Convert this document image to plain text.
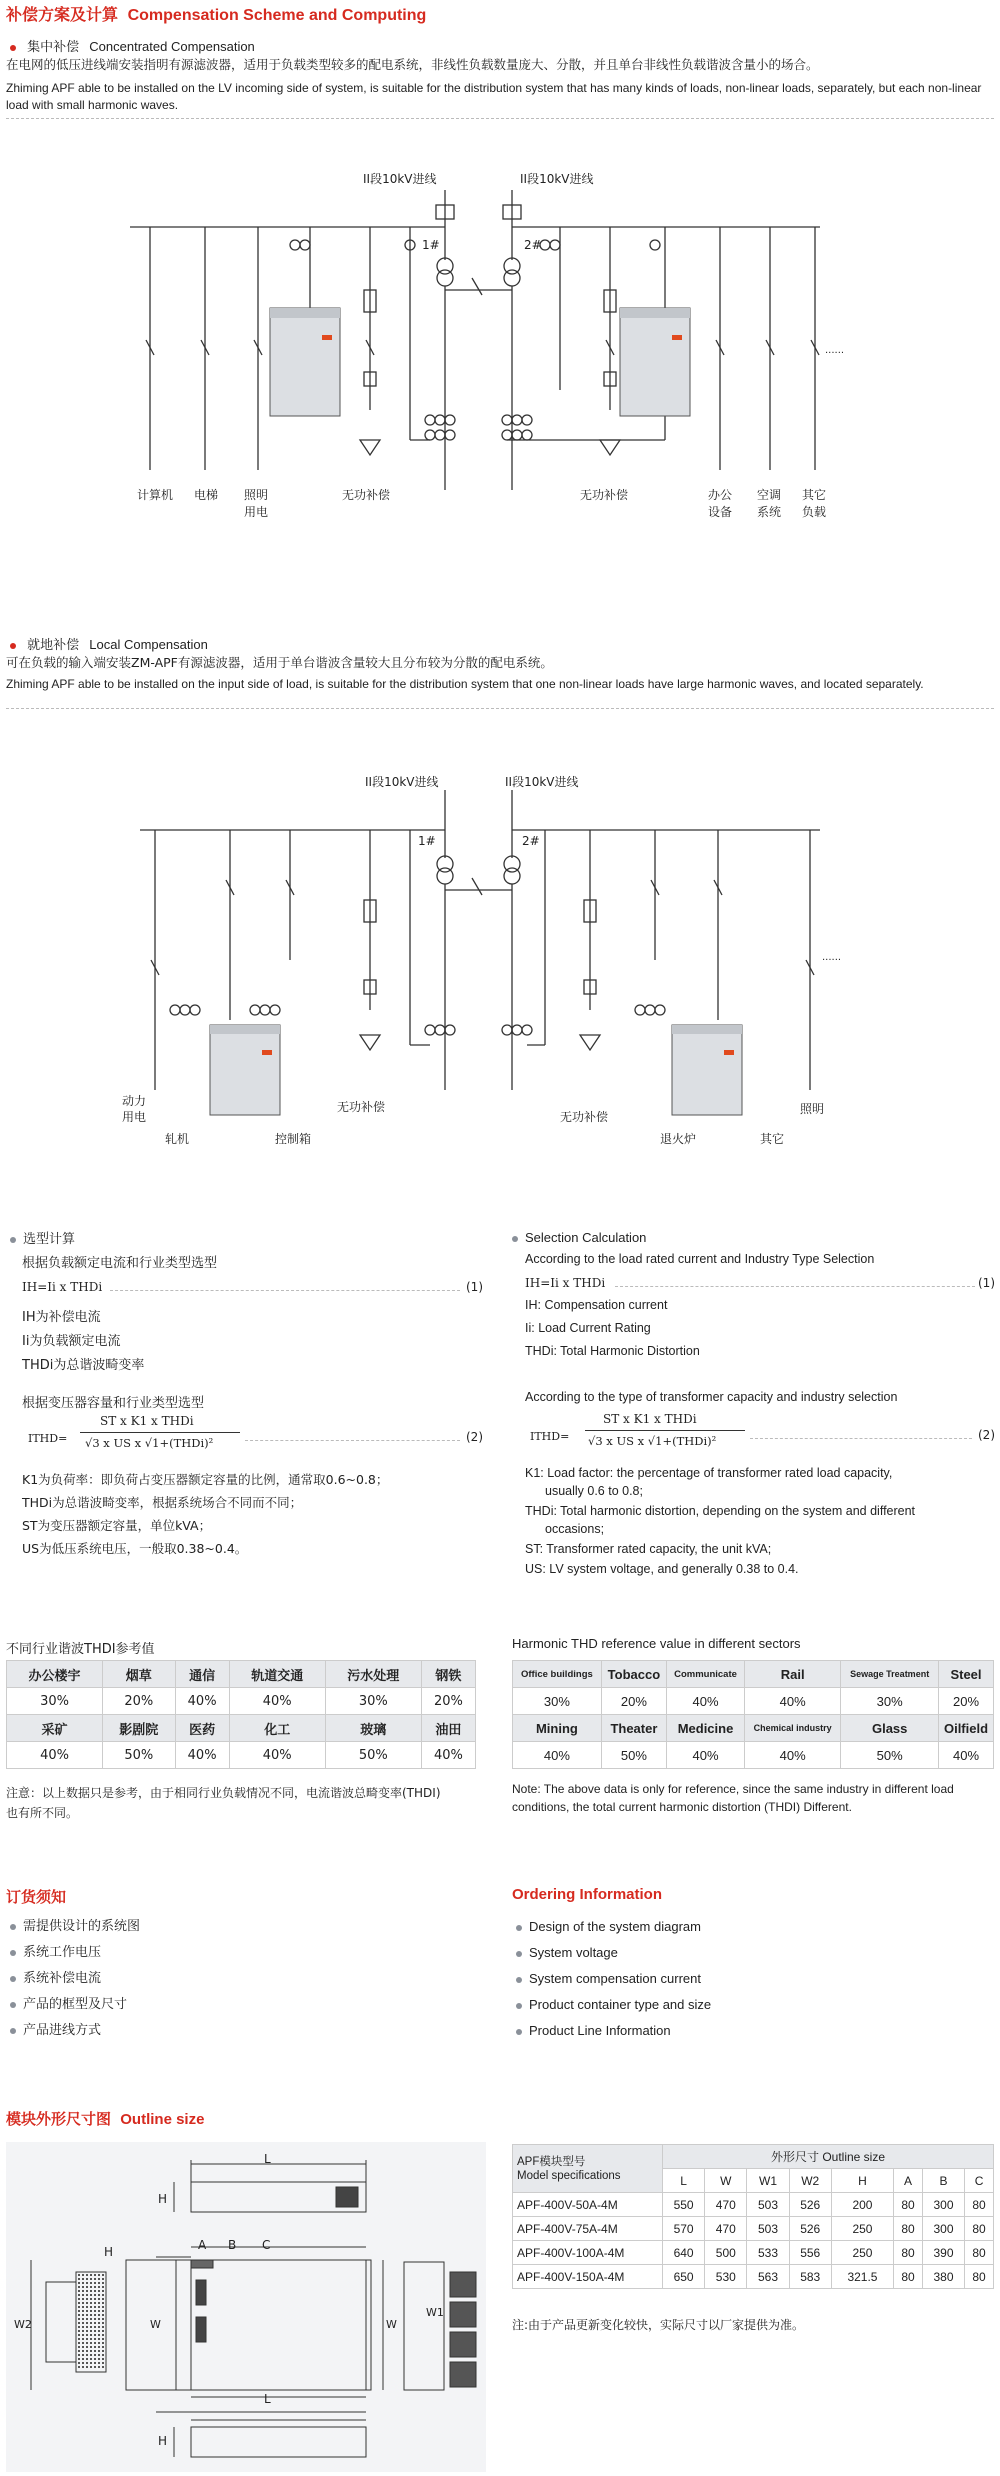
补偿方案及计算 Compensation Scheme and Computing
集中补偿 Concentrated Compensation
在电网的低压进线端安装指明有源滤波器，适用于负载类型较多的配电系统，非线性负载数量庞大、分散，并且单台非线性负载谐波含量小的场合。
Zhiming APF able to be installed on the LV incoming side of system, is suitable for the distribution system that has many kinds of loads, non-linear loads, separately, but each non-linear load with small harmonic waves.
II段10kV进线	II段10kV进线
1#	2#
计算机 电梯 照明
用电
无功补偿	无功补偿	办公
设备
空调
系统
其它
负载
......
就地补偿 Local Compensation
可在负载的输入端安装ZM-APF有源滤波器，适用于单台谐波含量较大且分布较为分散的配电系统。
Zhiming APF able to be installed on the input side of load, is suitable for the distribution system that one non-linear loads have large harmonic waves, and located separately.
II段10kV进线	II段10kV进线
1#	2#
动力
用电
轧机	控制箱
无功补偿
无功补偿
退火炉	其它
照明
......
选型计算
根据负载额定电流和行业类型选型
IH=Ii x THDi	(1)
IH为补偿电流
Ii为负载额定电流
THDi为总谐波畸变率
根据变压器容量和行业类型选型
ITHD=
ST x K1 x THDi
√3 x US x √1+(THDi)²	(2)
K1为负荷率：即负荷占变压器额定容量的比例，通常取0.6~0.8；
THDi为总谐波畸变率，根据系统场合不同而不同；
ST为变压器额定容量，单位kVA；
US为低压系统电压，一般取0.38~0.4。
Selection Calculation
According to the load rated current and Industry Type Selection
IH=Ii x THDi	(1)
IH: Compensation current
Ii: Load Current Rating
THDi: Total Harmonic Distortion
According to the type of transformer capacity and industry selection
ITHD=
ST x K1 x THDi
√3 x US x √1+(THDi)²	(2)
K1: Load factor: the percentage of transformer rated load capacity,
usually 0.6 to 0.8;
THDi: Total harmonic distortion, depending on the system and different
occasions;
ST: Transformer rated capacity, the unit kVA;
US: LV system voltage, and generally 0.38 to 0.4.
不同行业谐波THDI参考值
办公楼宇	烟草	通信	轨道交通	污水处理	钢铁
30%	20%	40%	40%	30%	20%
采矿	影剧院	医药	化工	玻璃	油田
40%	50%	40%	40%	50%	40%
注意：以上数据只是参考，由于相同行业负载情况不同，电流谐波总畸变率(THDI)
也有所不同。
Harmonic THD reference value in different sectors
Office buildings	Tobacco	Communicate	Rail	Sewage Treatment	Steel
30%	20%	40%	40%	30%	20%
Mining	Theater	Medicine	Chemical industry	Glass	Oilfield
40%	50%	40%	40%	50%	40%
Note: The above data is only for reference, since the same industry in different load
conditions, the total current harmonic distortion (THDI) Different.
订货须知
需提供设计的系统图
系统工作电压
系统补偿电流
产品的框型及尺寸
产品进线方式
Ordering Information
Design of the system diagram
System voltage
System compensation current
Product container type and size
Product Line Information
模块外形尺寸图 Outline size
L
H
A B C
H
W2	W	W
W1
L
H
APF模块型号
Model specifications	外形尺寸 Outline size							
	L	W	W1	W2	H	A	B	C
APF-400V-50A-4M	550	470	503	526	200	80	300	80
APF-400V-75A-4M	570	470	503	526	250	80	300	80
APF-400V-100A-4M	640	500	533	556	250	80	390	80
APF-400V-150A-4M	650	530	563	583	321.5	80	380	80
注:由于产品更新变化较快，实际尺寸以厂家提供为准。
